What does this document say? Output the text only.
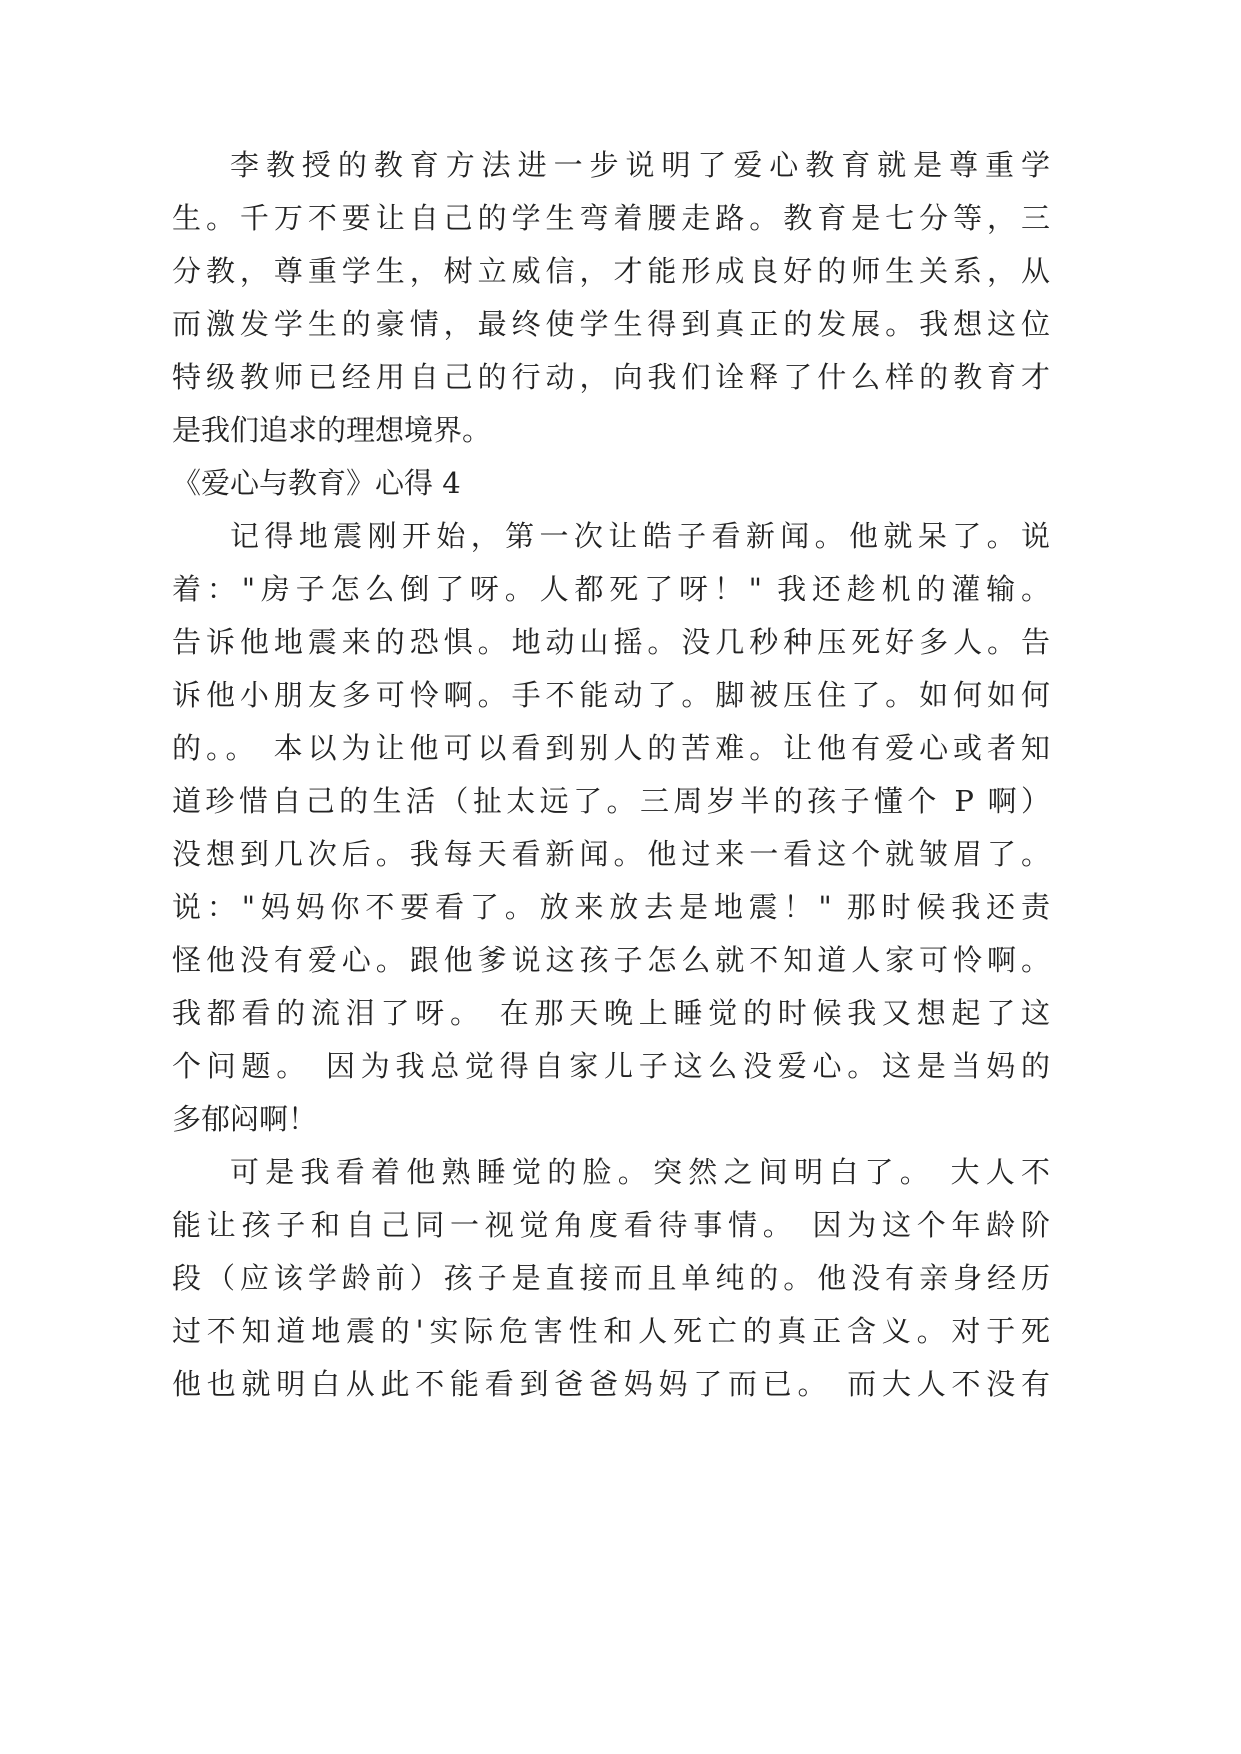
李教授的教育方法进一步说明了爱心教育就是尊重学
生。千万不要让自己的学生弯着腰走路。教育是七分等，三
分教，尊重学生，树立威信，才能形成良好的师生关系，从
而激发学生的豪情，最终使学生得到真正的发展。我想这位
特级教师已经用自己的行动，向我们诠释了什么样的教育才
是我们追求的理想境界。
《爱心与教育》心得 4
记得地震刚开始，第一次让皓子看新闻。他就呆了。说
着："房子怎么倒了呀。人都死了呀！" 我还趁机的灌输。
告诉他地震来的恐惧。地动山摇。没几秒种压死好多人。告
诉他小朋友多可怜啊。手不能动了。脚被压住了。如何如何
的。。 本以为让他可以看到别人的苦难。让他有爱心或者知
道珍惜自己的生活（扯太远了。三周岁半的孩子懂个 P 啊）
没想到几次后。我每天看新闻。他过来一看这个就皱眉了。
说："妈妈你不要看了。放来放去是地震！" 那时候我还责
怪他没有爱心。跟他爹说这孩子怎么就不知道人家可怜啊。
我都看的流泪了呀。 在那天晚上睡觉的时候我又想起了这
个问题。 因为我总觉得自家儿子这么没爱心。这是当妈的
多郁闷啊！
可是我看着他熟睡觉的脸。突然之间明白了。 大人不
能让孩子和自己同一视觉角度看待事情。 因为这个年龄阶
段（应该学龄前）孩子是直接而且单纯的。他没有亲身经历
过不知道地震的'实际危害性和人死亡的真正含义。对于死
他也就明白从此不能看到爸爸妈妈了而已。 而大人不没有
